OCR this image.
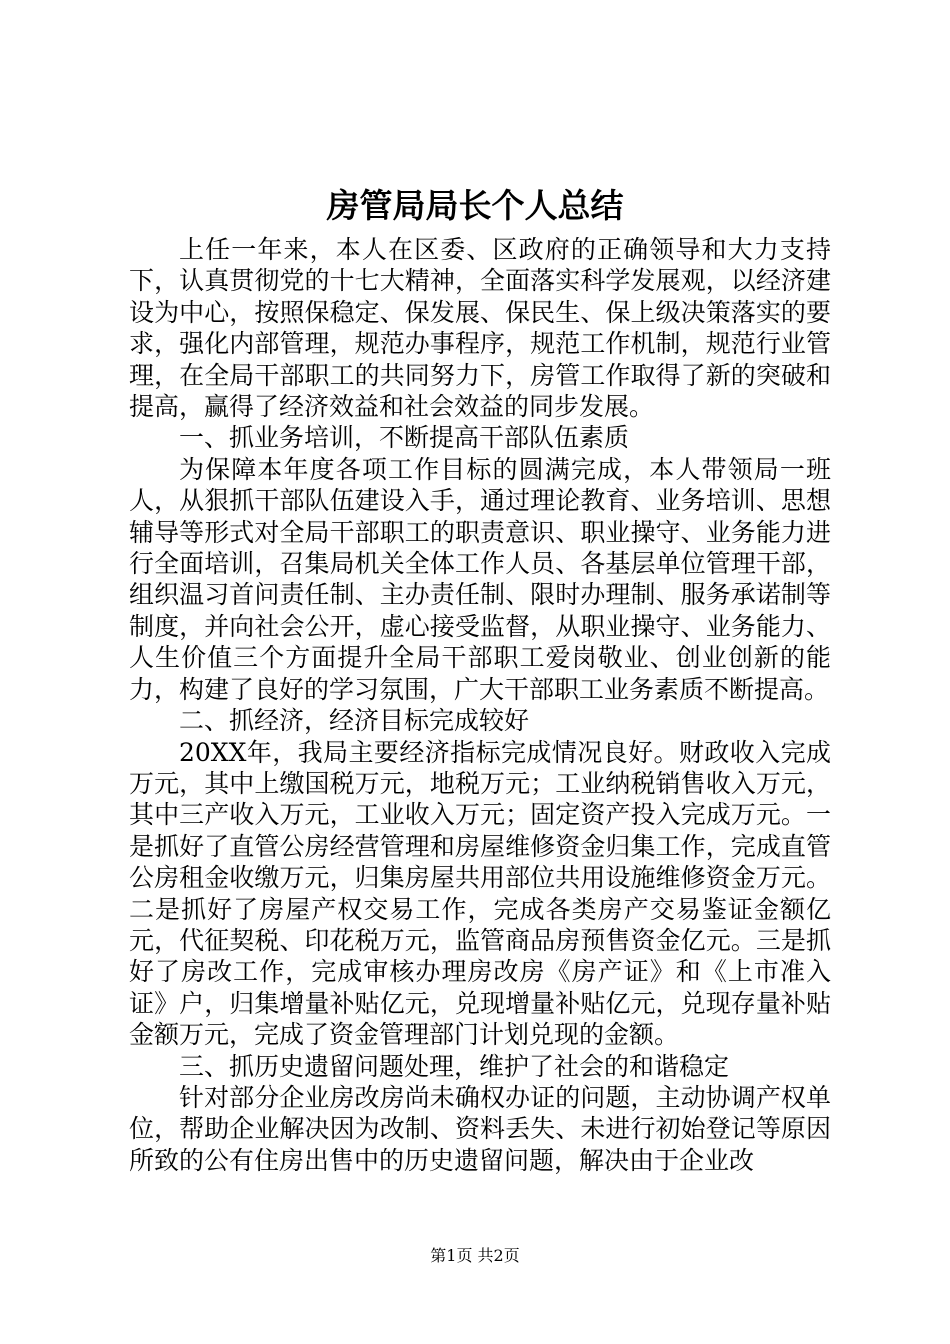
房管局局长个人总结

上任一年来，本人在区委、区政府的正确领导和大力支持下，认真贯彻党的十七大精神，全面落实科学发展观，以经济建设为中心，按照保稳定、保发展、保民生、保上级决策落实的要求，强化内部管理，规范办事程序，规范工作机制，规范行业管理，在全局干部职工的共同努力下，房管工作取得了新的突破和提高，赢得了经济效益和社会效益的同步发展。

一、抓业务培训，不断提高干部队伍素质

为保障本年度各项工作目标的圆满完成，本人带领局一班人，从狠抓干部队伍建设入手，通过理论教育、业务培训、思想辅导等形式对全局干部职工的职责意识、职业操守、业务能力进行全面培训，召集局机关全体工作人员、各基层单位管理干部，组织温习首问责任制、主办责任制、限时办理制、服务承诺制等制度，并向社会公开，虚心接受监督，从职业操守、业务能力、人生价值三个方面提升全局干部职工爱岗敬业、创业创新的能力，构建了良好的学习氛围，广大干部职工业务素质不断提高。

二、抓经济，经济目标完成较好

20XX年，我局主要经济指标完成情况良好。财政收入完成万元，其中上缴国税万元，地税万元；工业纳税销售收入万元，其中三产收入万元，工业收入万元；固定资产投入完成万元。一是抓好了直管公房经营管理和房屋维修资金归集工作，完成直管公房租金收缴万元，归集房屋共用部位共用设施维修资金万元。二是抓好了房屋产权交易工作，完成各类房产交易鉴证金额亿元，代征契税、印花税万元，监管商品房预售资金亿元。三是抓好了房改工作，完成审核办理房改房《房产证》和《上市准入证》户，归集增量补贴亿元，兑现增量补贴亿元，兑现存量补贴金额万元，完成了资金管理部门计划兑现的金额。

三、抓历史遗留问题处理，维护了社会的和谐稳定

针对部分企业房改房尚未确权办证的问题，主动协调产权单位，帮助企业解决因为改制、资料丢失、未进行初始登记等原因所致的公有住房出售中的历史遗留问题，解决由于企业改

第1页 共2页
